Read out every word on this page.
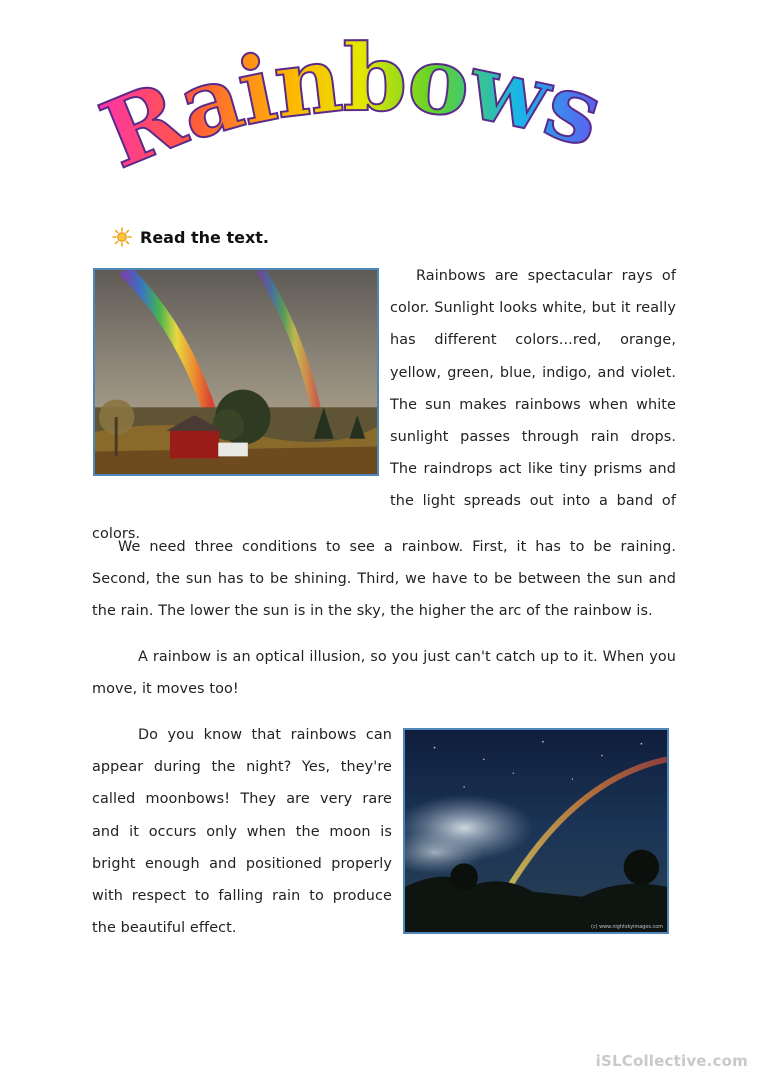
Rainbows
Read the text.

Rainbows are spectacular rays of color. Sunlight looks white, but it really has different colors...red, orange, yellow, green, blue, indigo, and violet. The sun makes rainbows when white sunlight passes through rain drops. The raindrops act like tiny prisms and the light spreads out into a band of colors.

We need three conditions to see a rainbow. First, it has to be raining. Second, the sun has to be shining. Third, we have to be between the sun and the rain. The lower the sun is in the sky, the higher the arc of the rainbow is.

A rainbow is an optical illusion, so you just can't catch up to it. When you move, it moves too!

Do you know that rainbows can appear during the night? Yes, they're called moonbows! They are very rare and it occurs only when the moon is bright enough and positioned properly with respect to falling rain to produce the beautiful effect.	(c) www.nightskyimages.com
iSLCollective.com
